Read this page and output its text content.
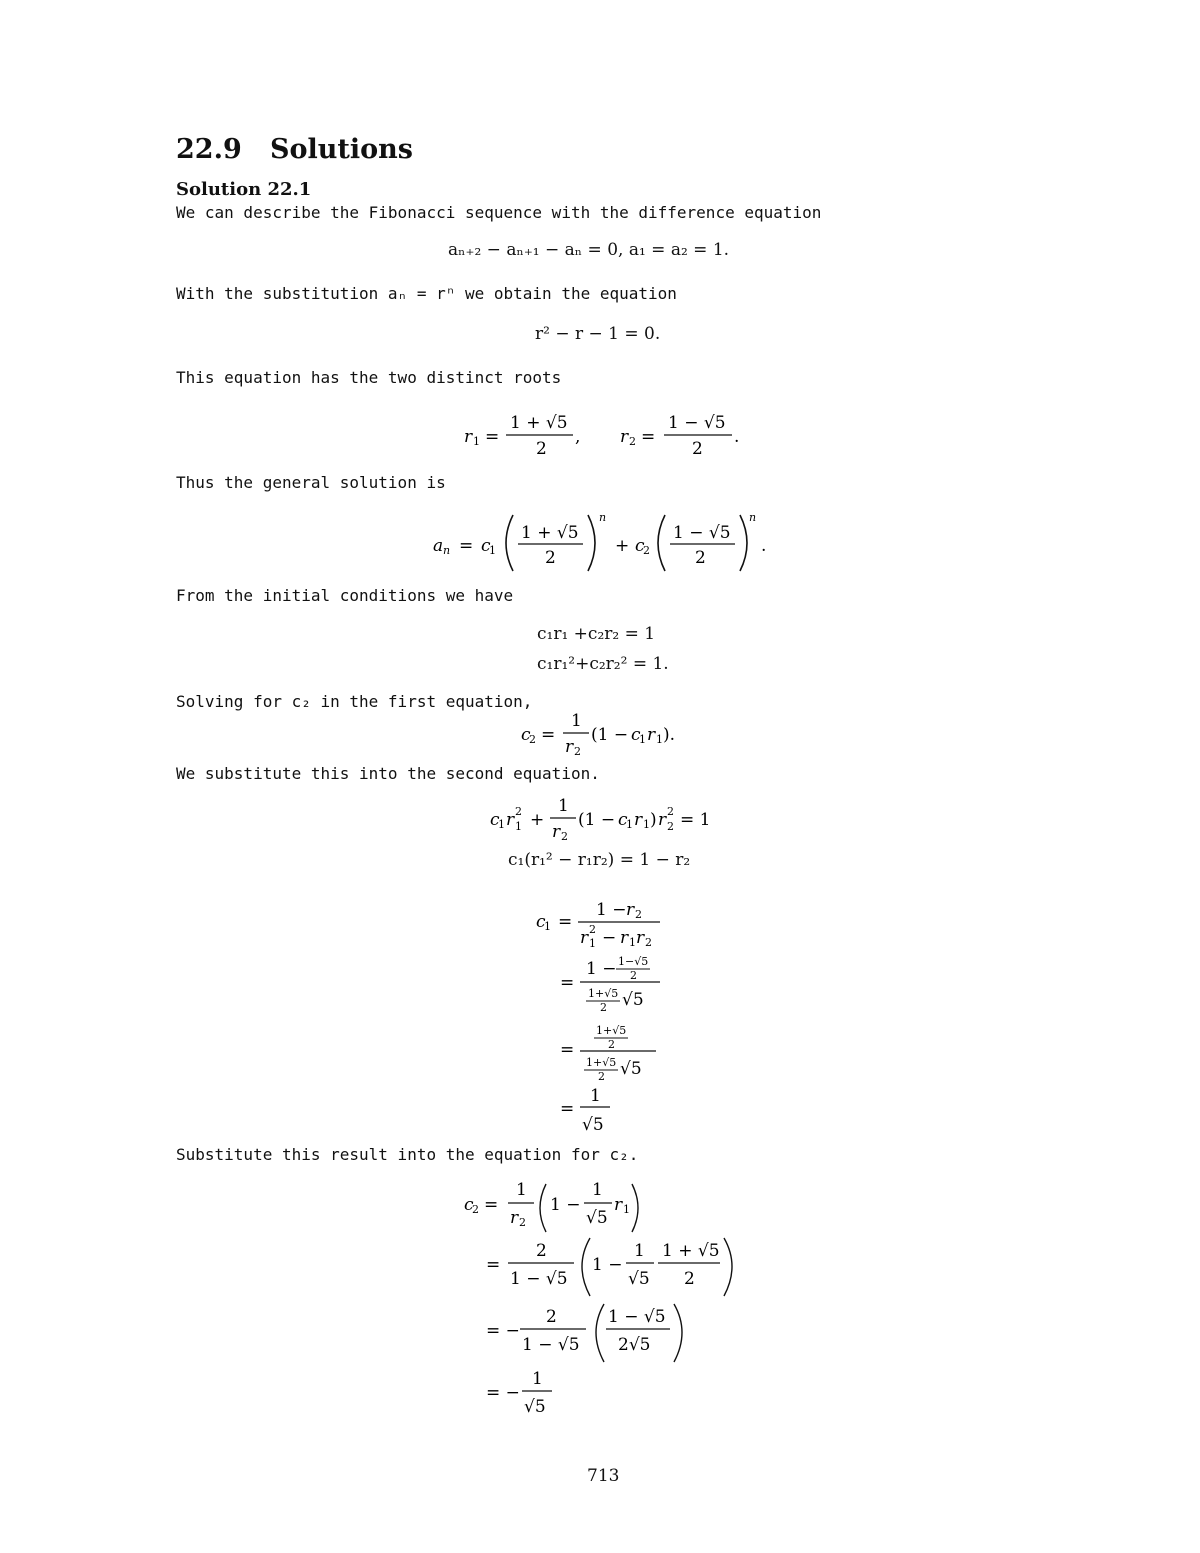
22.9 Solutions
Solution 22.1
We can describe the Fibonacci sequence with the difference equation
aₙ₊₂ − aₙ₊₁ − aₙ = 0, a₁ = a₂ = 1.
With the substitution aₙ = rⁿ we obtain the equation
r² − r − 1 = 0.
This equation has the two distinct roots
r 1 =
1 + √5
2
, r 2 =
1 − √5
2
.
Thus the general solution is
a n = c
1
1 + √5
2
n
+ c
2
1 − √5
2
n
.
From the initial conditions we have
c₁r₁ +c₂r₂ = 1
c₁r₁²+c₂r₂² = 1.
Solving for c₂ in the first equation,
c
2 =
1
r 2
(1 − c
1 r 1 ).
We substitute this into the second equation.
c
1 r 2
1 +
1
r 2
(1 − c
1 r 1 ) r 2
2 = 1
c₁(r₁² − r₁r₂) = 1 − r₂
c
1 =
1 − r 2
r 2
1 − r 1 r 2
=
1 − 1−√5
2
1+√5
2 √5
=
1+√5
2
1+√5
2 √5
=
1
√5
Substitute this result into the equation for c₂.
c
2 =
1
r 2
1 −
1
√5
r 1
=
2
1 − √5
1 −
1
√5
1 + √5
2
= −
2
1 − √5
1 − √5
2√5
= −
1
√5
713
